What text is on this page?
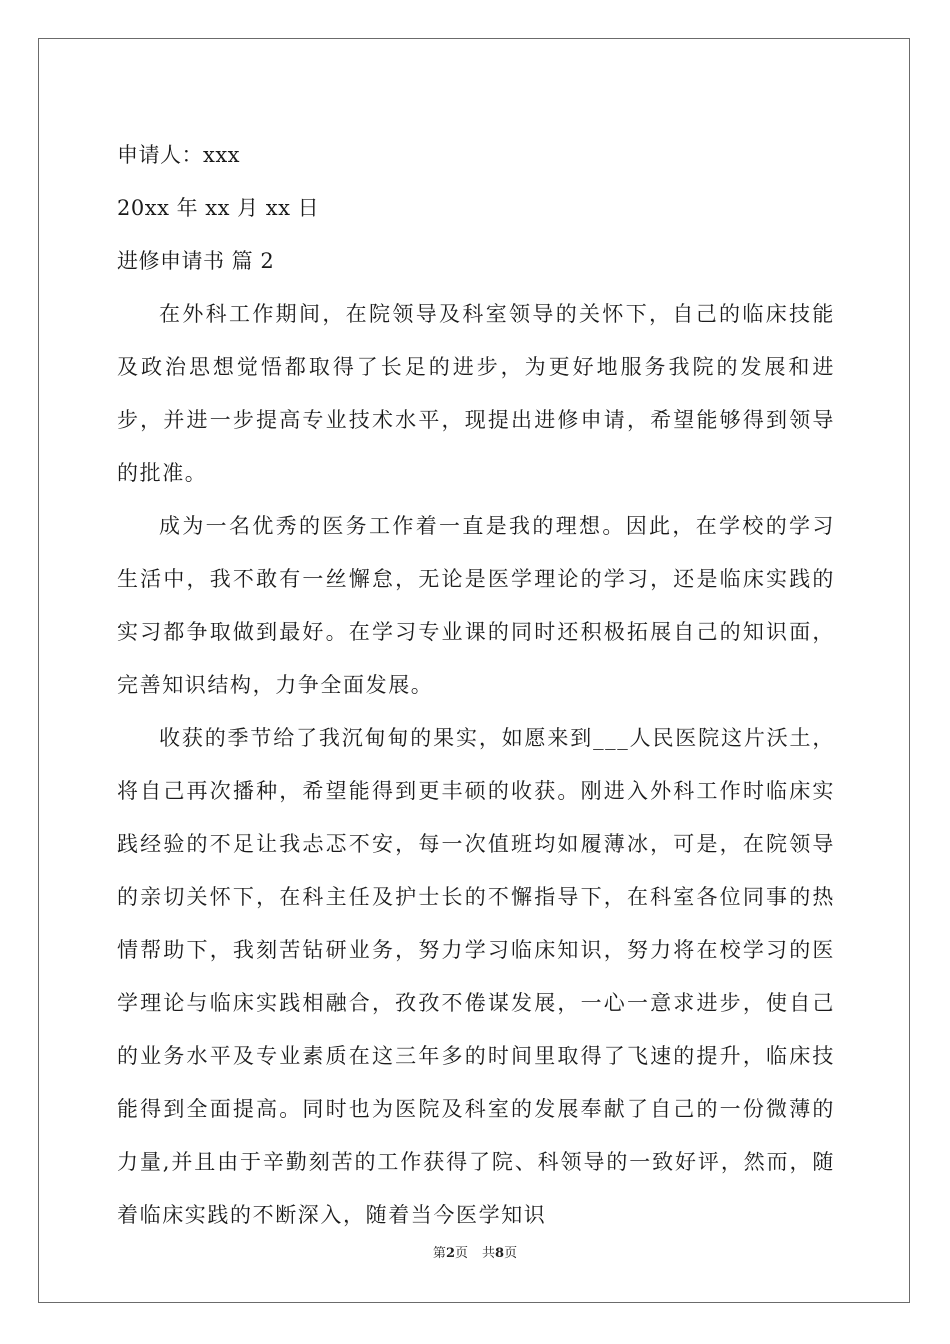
申请人：xxx
20xx 年 xx 月 xx 日
进修申请书 篇 2

在外科工作期间，在院领导及科室领导的关怀下，自己的临床技能及政治思想觉悟都取得了长足的进步，为更好地服务我院的发展和进步，并进一步提高专业技术水平，现提出进修申请，希望能够得到领导的批准。

成为一名优秀的医务工作着一直是我的理想。因此，在学校的学习生活中，我不敢有一丝懈怠，无论是医学理论的学习，还是临床实践的实习都争取做到最好。在学习专业课的同时还积极拓展自己的知识面，完善知识结构，力争全面发展。

收获的季节给了我沉甸甸的果实，如愿来到___人民医院这片沃土，将自己再次播种，希望能得到更丰硕的收获。刚进入外科工作时临床实践经验的不足让我忐忑不安，每一次值班均如履薄冰，可是，在院领导的亲切关怀下，在科主任及护士长的不懈指导下，在科室各位同事的热情帮助下，我刻苦钻研业务，努力学习临床知识，努力将在校学习的医学理论与临床实践相融合，孜孜不倦谋发展，一心一意求进步，使自己的业务水平及专业素质在这三年多的时间里取得了飞速的提升，临床技能得到全面提高。同时也为医院及科室的发展奉献了自己的一份微薄的力量,并且由于辛勤刻苦的工作获得了院、科领导的一致好评，然而，随着临床实践的不断深入，随着当今医学知识

第2页 共8页
